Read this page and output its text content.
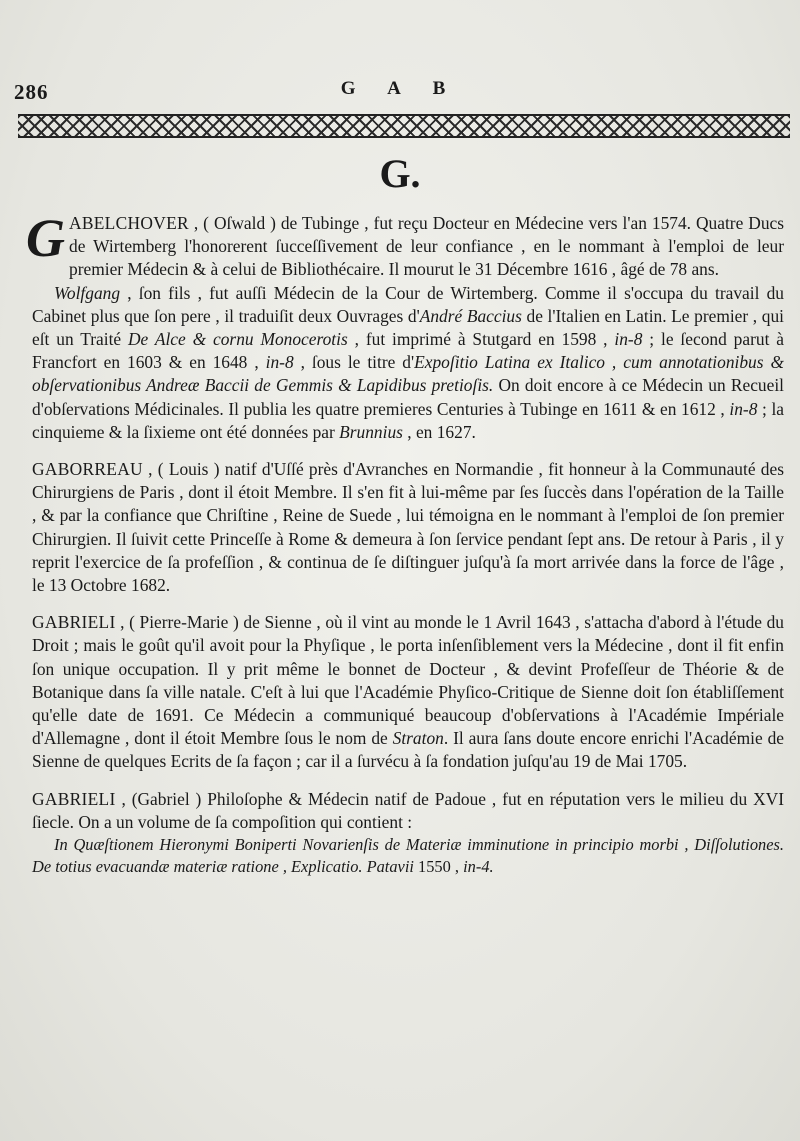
286	G A B
G.

GABELCHOVER , ( Oſwald ) de Tubinge , fut reçu Docteur en Médecine vers l'an 1574. Quatre Ducs de Wirtemberg l'honorerent ſucceſſivement de leur confiance , en le nommant à l'emploi de leur premier Médecin & à celui de Bibliothécaire. Il mourut le 31 Décembre 1616 , âgé de 78 ans.

Wolfgang , ſon fils , fut auſſi Médecin de la Cour de Wirtemberg. Comme il s'occupa du travail du Cabinet plus que ſon pere , il traduiſit deux Ouvrages d'André Baccius de l'Italien en Latin. Le premier , qui eſt un Traité De Alce & cornu Monocerotis , fut imprimé à Stutgard en 1598 , in-8 ; le ſecond parut à Francfort en 1603 & en 1648 , in-8 , ſous le titre d'Expoſitio Latina ex Italico , cum annotationibus & obſervationibus Andreæ Baccii de Gemmis & Lapidibus pretioſis. On doit encore à ce Médecin un Recueil d'obſervations Médicinales. Il publia les quatre premieres Centuries à Tubinge en 1611 & en 1612 , in-8 ; la cinquieme & la ſixieme ont été données par Brunnius , en 1627.

GABORREAU , ( Louis ) natif d'Uſſé près d'Avranches en Normandie , fit honneur à la Communauté des Chirurgiens de Paris , dont il étoit Membre. Il s'en fit à lui-même par ſes ſuccès dans l'opération de la Taille , & par la confiance que Chriſtine , Reine de Suede , lui témoigna en le nommant à l'emploi de ſon premier Chirurgien. Il ſuivit cette Princeſſe à Rome & demeura à ſon ſervice pendant ſept ans. De retour à Paris , il y reprit l'exercice de ſa profeſſion , & continua de ſe diſtinguer juſqu'à ſa mort arrivée dans la force de l'âge , le 13 Octobre 1682.

GABRIELI , ( Pierre-Marie ) de Sienne , où il vint au monde le 1 Avril 1643 , s'attacha d'abord à l'étude du Droit ; mais le goût qu'il avoit pour la Phyſique , le porta inſenſiblement vers la Médecine , dont il fit enfin ſon unique occupation. Il y prit même le bonnet de Docteur , & devint Profeſſeur de Théorie & de Botanique dans ſa ville natale. C'eſt à lui que l'Académie Phyſico-Critique de Sienne doit ſon établiſſement qu'elle date de 1691. Ce Médecin a communiqué beaucoup d'obſervations à l'Académie Impériale d'Allemagne , dont il étoit Membre ſous le nom de Straton. Il aura ſans doute encore enrichi l'Académie de Sienne de quelques Ecrits de ſa façon ; car il a ſurvécu à ſa fondation juſqu'au 19 de Mai 1705.

GABRIELI , (Gabriel ) Philoſophe & Médecin natif de Padoue , fut en réputation vers le milieu du XVI ſiecle. On a un volume de ſa compoſition qui contient :

In Quæſtionem Hieronymi Boniperti Novarienſis de Materiæ imminutione in principio morbi , Diſſolutiones. De totius evacuandæ materiæ ratione , Explicatio. Patavii 1550 , in-4.
